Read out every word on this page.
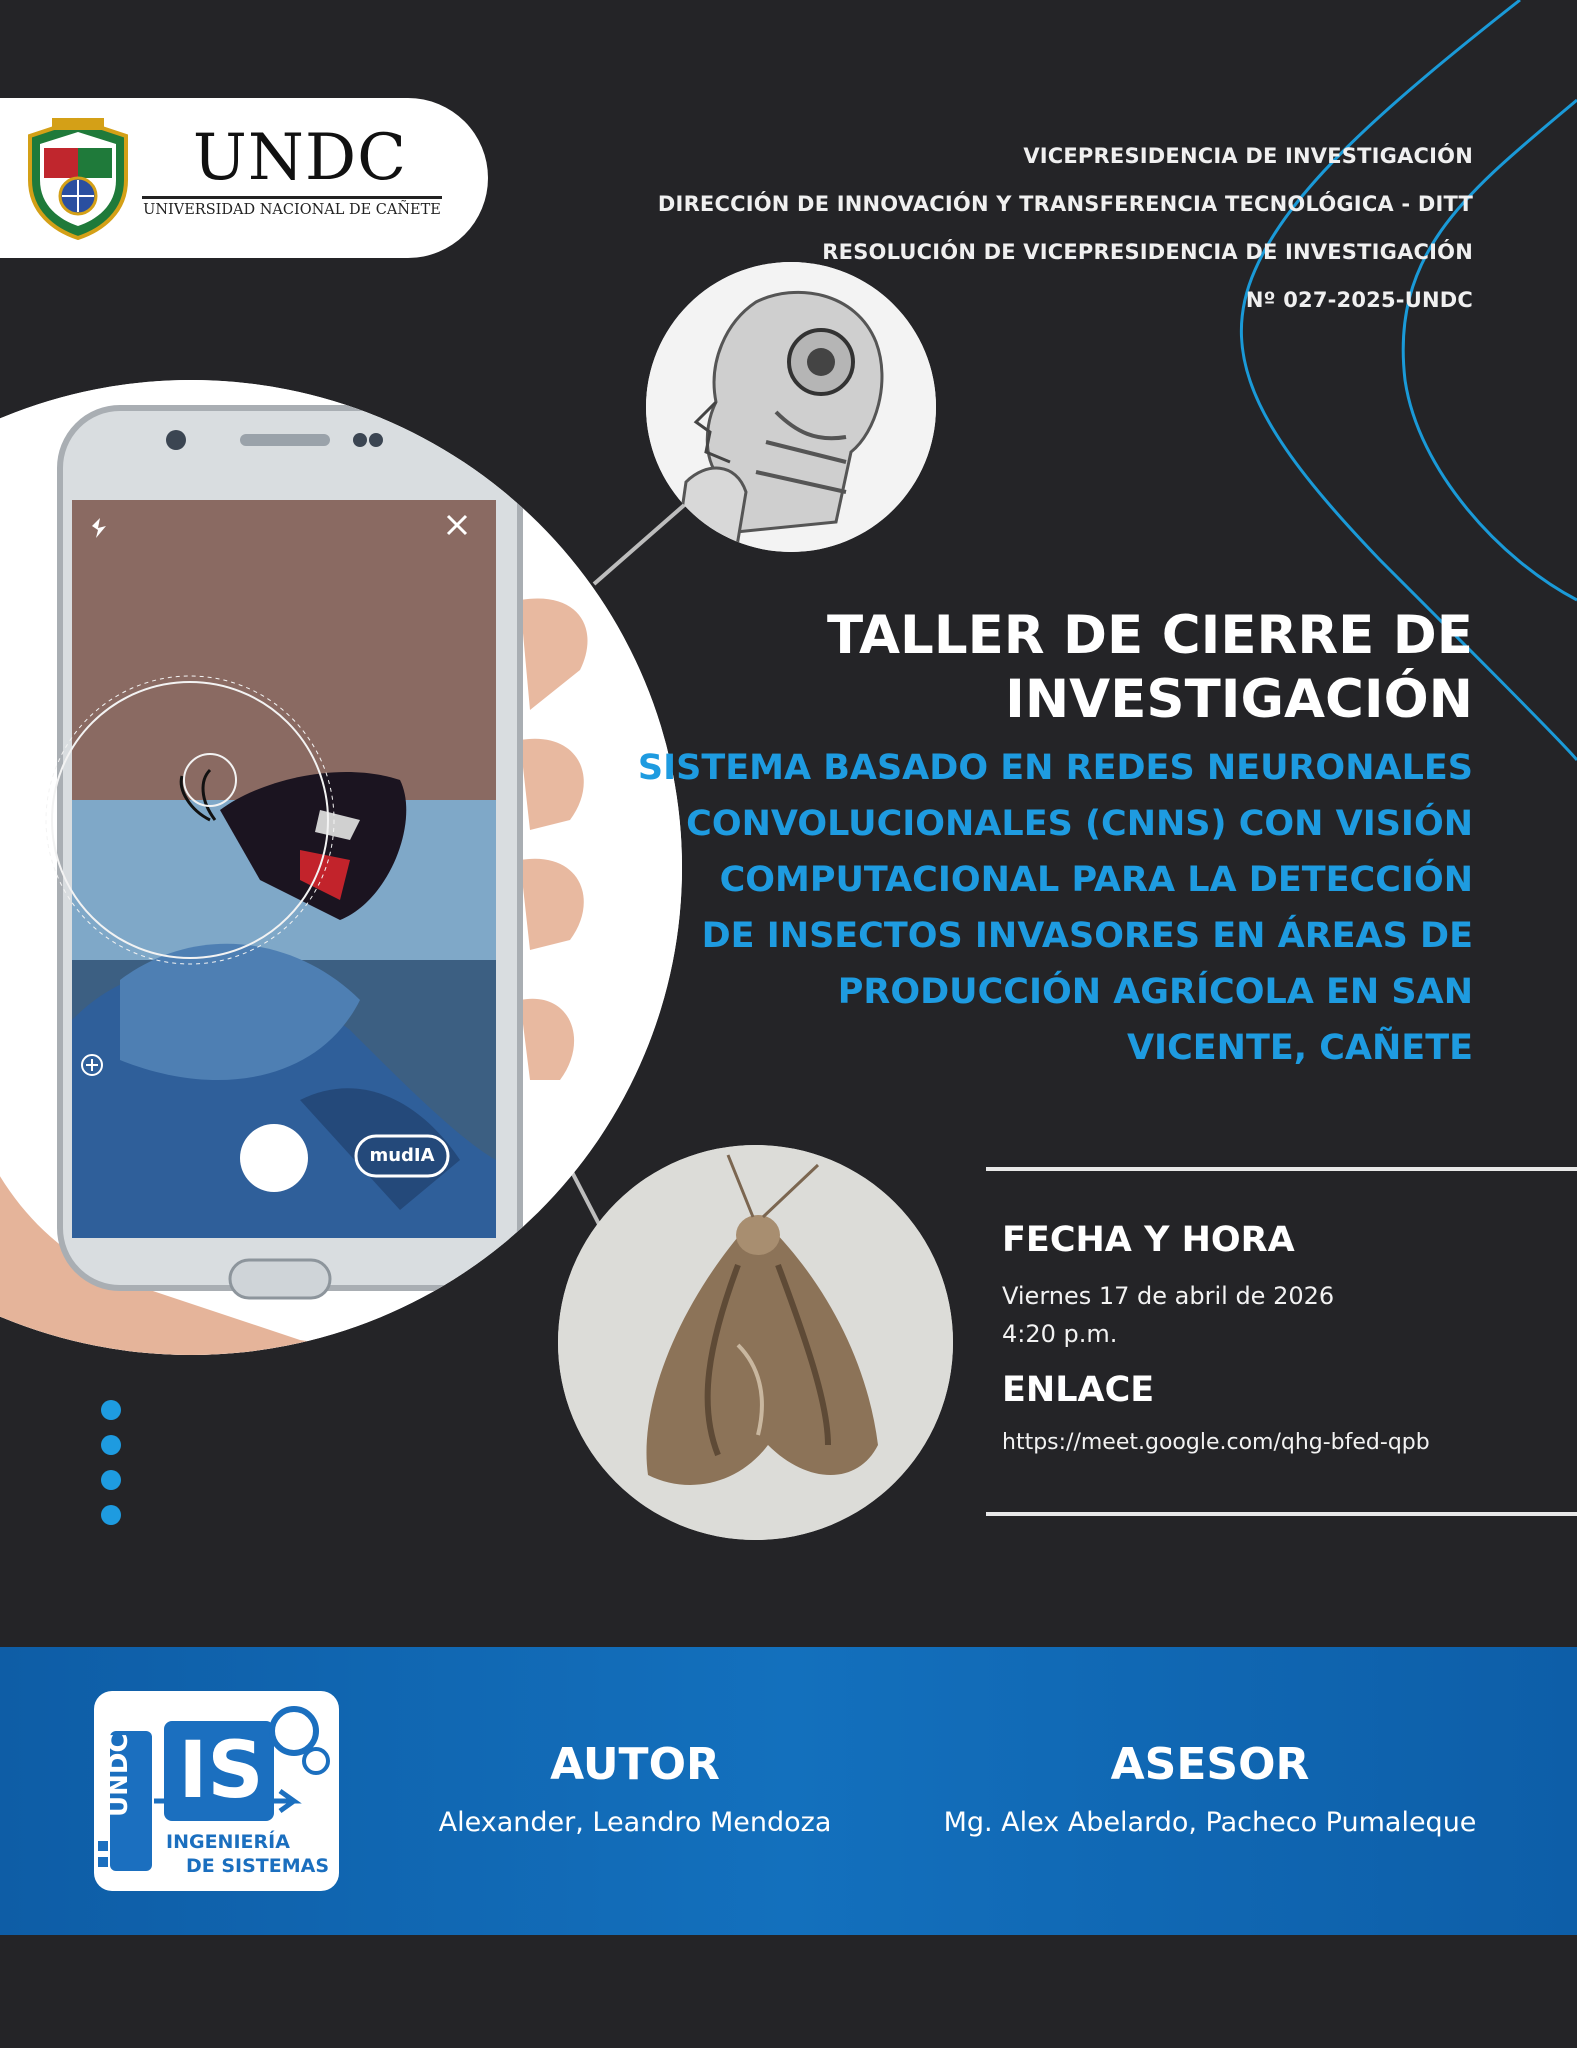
UNDC
UNIVERSIDAD NACIONAL DE CAÑETE
VICEPRESIDENCIA DE INVESTIGACIÓN
DIRECCIÓN DE INNOVACIÓN Y TRANSFERENCIA TECNOLÓGICA - DITT
RESOLUCIÓN DE VICEPRESIDENCIA DE INVESTIGACIÓN
Nº 027-2025-UNDC
mudIA
TALLER DE CIERRE DE
INVESTIGACIÓN
SISTEMA BASADO EN REDES NEURONALES
CONVOLUCIONALES (CNNS) CON VISIÓN
COMPUTACIONAL PARA LA DETECCIÓN
DE INSECTOS INVASORES EN ÁREAS DE
PRODUCCIÓN AGRÍCOLA EN SAN
VICENTE, CAÑETE
FECHA Y HORA
Viernes 17 de abril de 2026
4:20 p.m.
ENLACE
https://meet.google.com/qhg-bfed-qpb
UNDC IS
INGENIERÍA
DE SISTEMAS
AUTOR
Alexander, Leandro Mendoza
ASESOR
Mg. Alex Abelardo, Pacheco Pumaleque
